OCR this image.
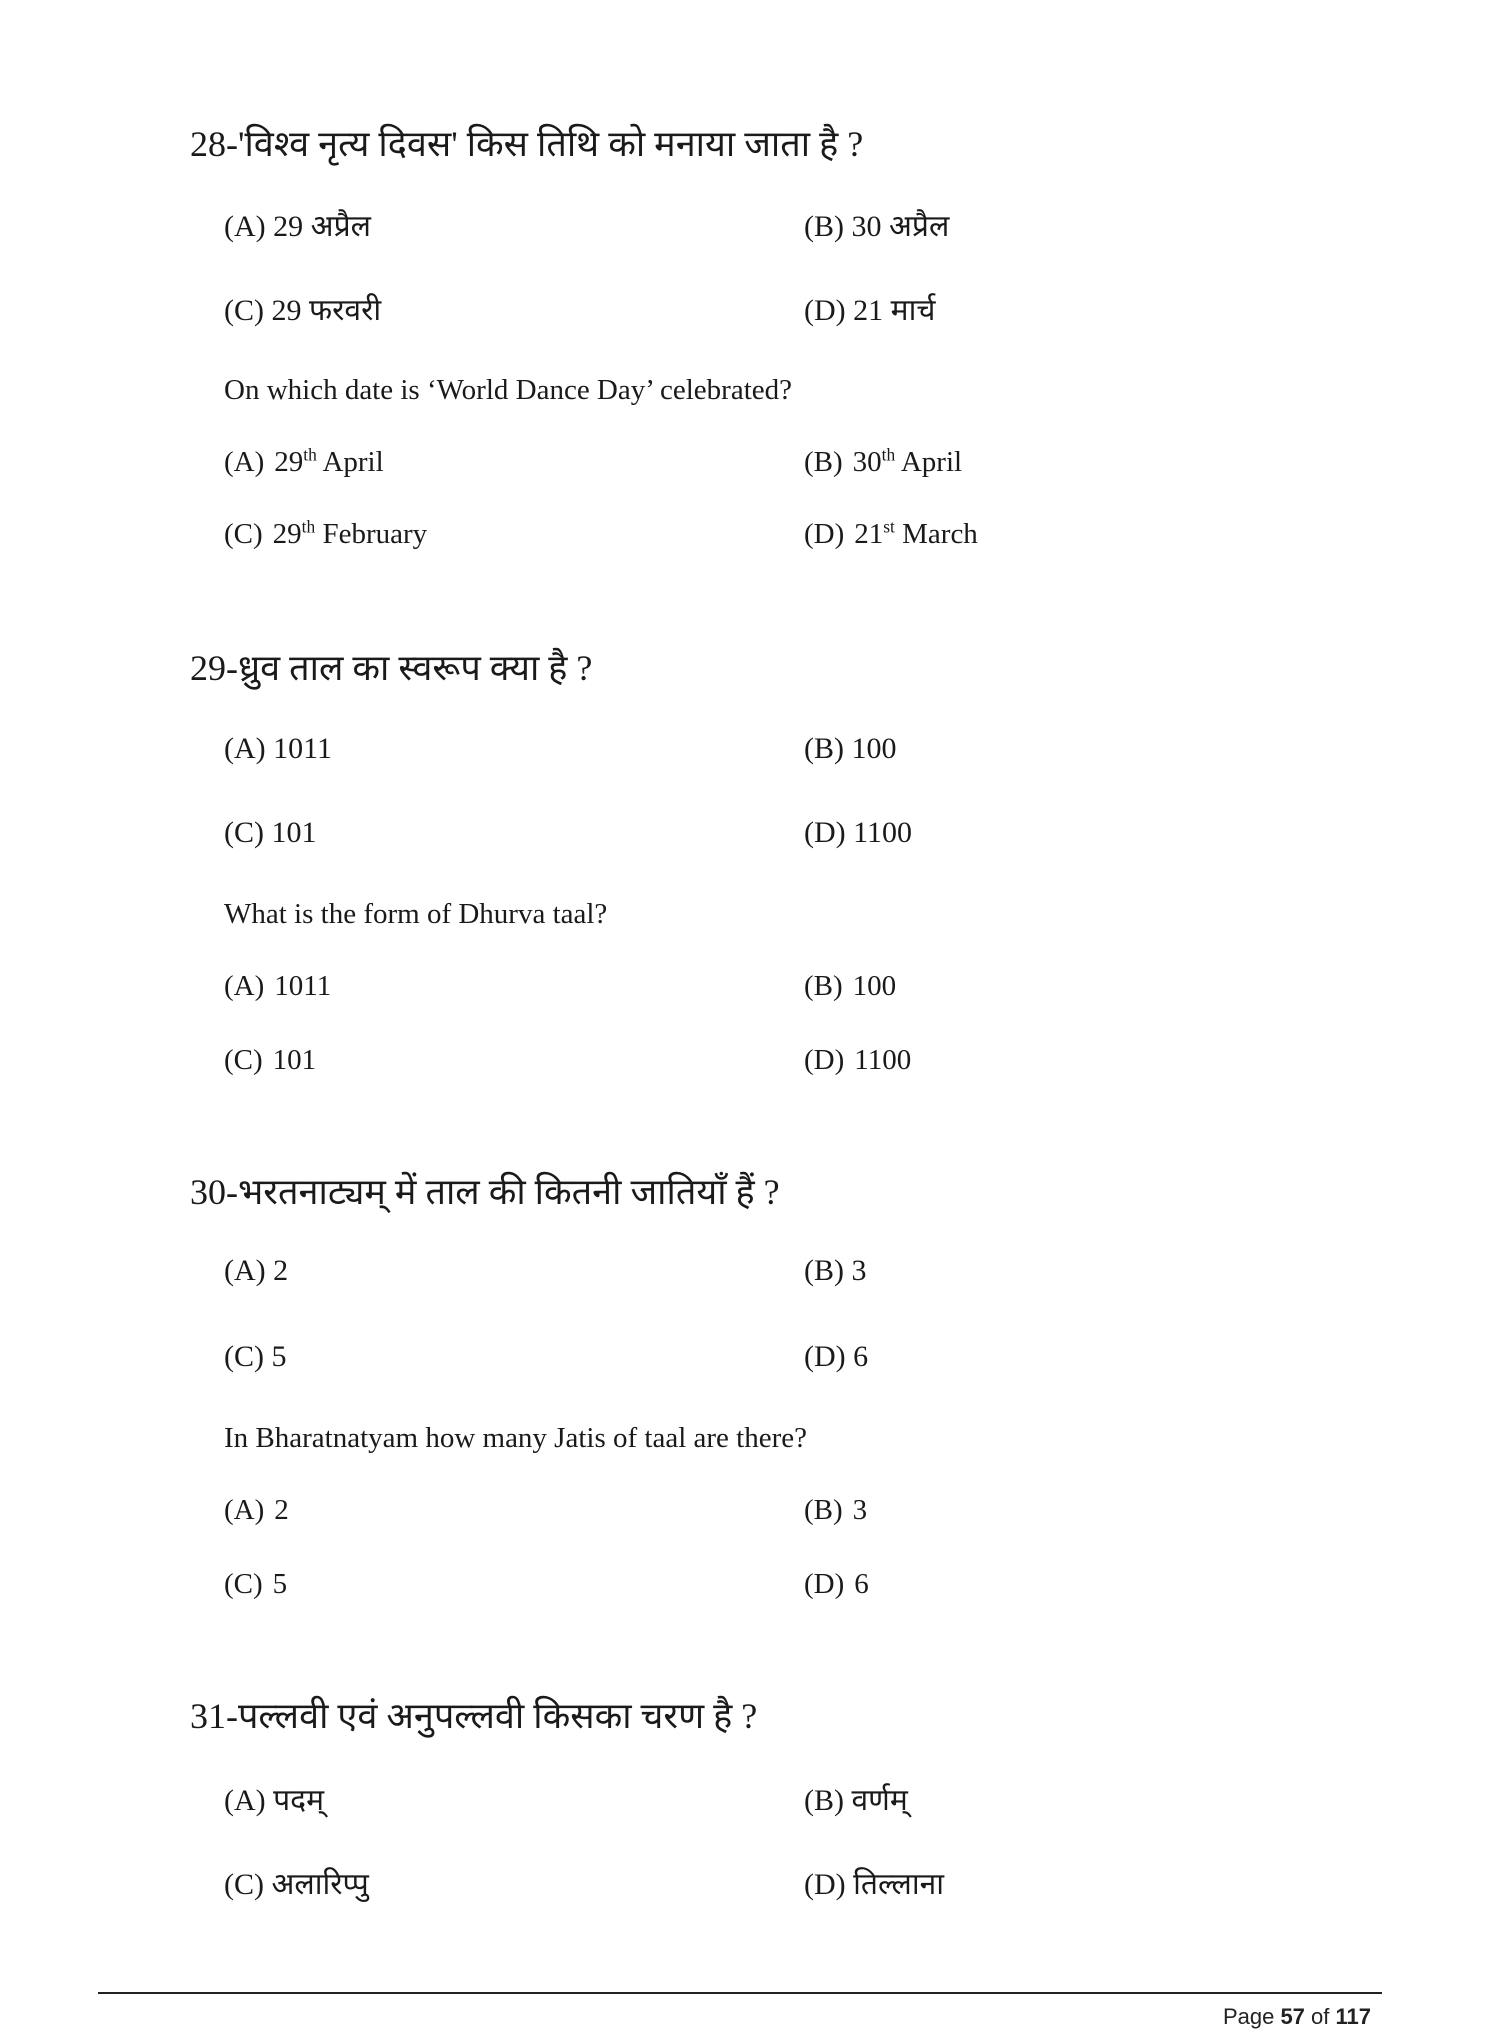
28-'विश्व नृत्य दिवस' किस तिथि को मनाया जाता है ?
(A) 29 अप्रैल	(B) 30 अप्रैल
(C) 29 फरवरी	(D) 21 मार्च
On which date is ‘World Dance Day’ celebrated?
(A) 29th April	(B) 30th April
(C) 29th February	(D) 21st March
29-ध्रुव ताल का स्वरूप क्या है ?
(A) 1011	(B) 100
(C) 101	(D) 1100
What is the form of Dhurva taal?
(A) 1011	(B) 100
(C) 101	(D) 1100
30-भरतनाट्यम् में ताल की कितनी जातियाँ हैं ?
(A) 2	(B) 3
(C) 5	(D) 6
In Bharatnatyam how many Jatis of taal are there?
(A) 2	(B) 3
(C) 5	(D) 6
31-पल्लवी एवं अनुपल्लवी किसका चरण है ?
(A) पदम्	(B) वर्णम्
(C) अलारिप्पु	(D) तिल्लाना
Page 57 of 117
